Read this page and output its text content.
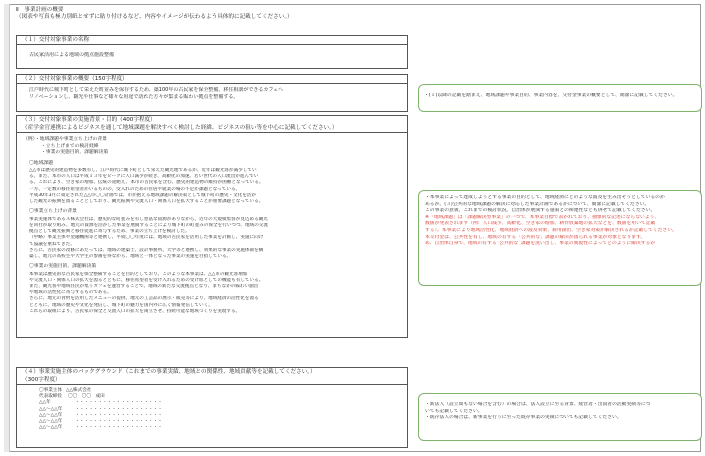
Ⅱ　事業計画の概要
（図表や写真も極力別紙とせずに貼り付けるなど、内容やイメージが伝わるよう具体的に記載してください。）
（１）交付対象事業の名称

古民家活用による地域の拠点施設整備

（２）交付対象事業の概要（150字程度）

江戸時代に城下町として栄えた町並みを保存するため、築100年の古民家を保全整備。移住相談ができるカフェへ

リノベーションし、観光や仕事など様々な用途で訪れた方々が集まる賑わい拠点を整備する。

（３）交付対象事業の実施背景・目的（400字程度）
（産学金官連携によるビジネスを通して地域課題を解決すべく検討した経緯、ビジネスの狙い等を中心に記載してください。）
（例）・地域課題や事業立ち上げの背景
・立ち上げまでの検討経緯
・事業の実施目的、課題解決策
〇地域課題

△△市は歴史的建造物を多数有し、江戸時代に城下町として栄えた観光地であるが、近年は観光客が減少してい

る。また、本市の人口は平成１３年をピークに人口減少が続き、高齢化の加速、若い世代の人口流出が進んでい

る。これにより、空き家の増加、伝統の途絶え、本市の古民家を含む、歴史的建造物の維持が困難となっている。

一方、一定数の移住希望者がいるものの、受入れのための住居や就業の場の不足が課題となっている。

平成30年3月に策定された△△市〇〇計画では、市が抱える地域課題の解決策として城下町の歴史・文化を活か

した観光の振興を図ることとしており、観光振興や交流人口・関係人口を拡大することが重要課題となっている。

〇事業立ち上げの背景

事業実施体であるＡ株式会社は、歴史的な町並みを有し豊富な資源がありながら、近年の大規模集客が見込める観光

を同社が取り組み、地元の資源を活かした事業を展開することにより城下町の町並みの保全を行いつつ、地域の交流

拠点として観光振興と移住促進に寄与するため、事業の立ち上げを検討した。

（中略）事業主体や金融機関等と連携し、平成〇〇年度には、地域の古民家を活用した事業を計画し、実施に向け

て協議を重ねてきた。

さらに、古民家の改修にあたっては、地域の建築士、設計事務所、大学等と連携し、効果的な事業の実施体制を構

築し、地元の高校生や大学生の参画を得ながら、地域と一体となった事業の実施を目指している。

〇事業の実施目的、課題解決策

本事業は歴史的な古民家を保全整備することを目的としており、このような本事業は、△△市の観光客増加

や交流人口・関係人口の拡大を図るとともに、移住希望者を受け入れるための受け皿としての機能も有している。

また、観光客や地域住民が集うカフェを運営することで、地域の新たな交流拠点となり、まちなかの賑わい創出

や地域の活性化に寄与するものである。

さらに、地元の食材を活用したメニューの提供、地元の工芸品の展示・販売等により、地域経済の活性化を図る

とともに、地域の歴史や文化を発信し、城下町の魅力を国内外に広く情報発信していく。

これらの取組により、古民家の保全と交流人口の拡大を両立させ、持続可能な地域づくりを実現する。

（４）事業実施主体のバックグラウンド（これまでの事業実績、地域との関係性、地域貢献等を記載してください。）
（300字程度）
〇事業主体 △△株式会社
代表取締役 〇〇　〇〇　成田
△△年	・・・・・・・・・・・・・・・・・・・
△△～△△年	・・・・・・・・・・・・・・・・・・・
△△～△△年	・・・・・・・・・・・・・・・・・・・
△△～△△年	・・・・・・・・・・・・・・・・・・・
△△～△△年	・・・・・・・・・・・・・・・・・・・

・(１)以降の記載を踏まえ、地域課題や事業目的、事業内容を、交付金事業の概要として、簡潔に記載してください。

・本事業によって達成しようとする事業の目的として、地域経済にどのような波及を生み出そうとしているのか

あるか。(３)公共的な地域課題の解決に対応した事業計画であるかについて、簡潔に記載してください。

この事業の意義、これまでの検討状況、自治体が展開する施策との関連性なども併せて記載してください。

※「地域課題」は「課題解決型事業」の一つで、本事業目標で書かれており、抽象的な記述にならないよう、

数値が発表されます（例：人口減少、高齢化、空き家の増加、耕作放棄地の拡大などを、数値を用いて記載

する）。本事業により地域活性化、地域経済への波及効果、雇用創出、空き家対策が解決されるか記載してください。

本交付金は、公共性を有し、地域の有する「公共的な」課題の解決が図られる事業が対象となります。

め、自治体自身で、地域の有する”公共的な”課題を洗い出し、事業の實現性によってどのように解決するか

・新法人（設立間もない場合を含む）の場合は、法人設立に至る背景、経営者・出資者の活動実績等につ

いても記載してください。

・既存法人の場合は、新事業を行うに至った既存事業の実績についても記載してください。
